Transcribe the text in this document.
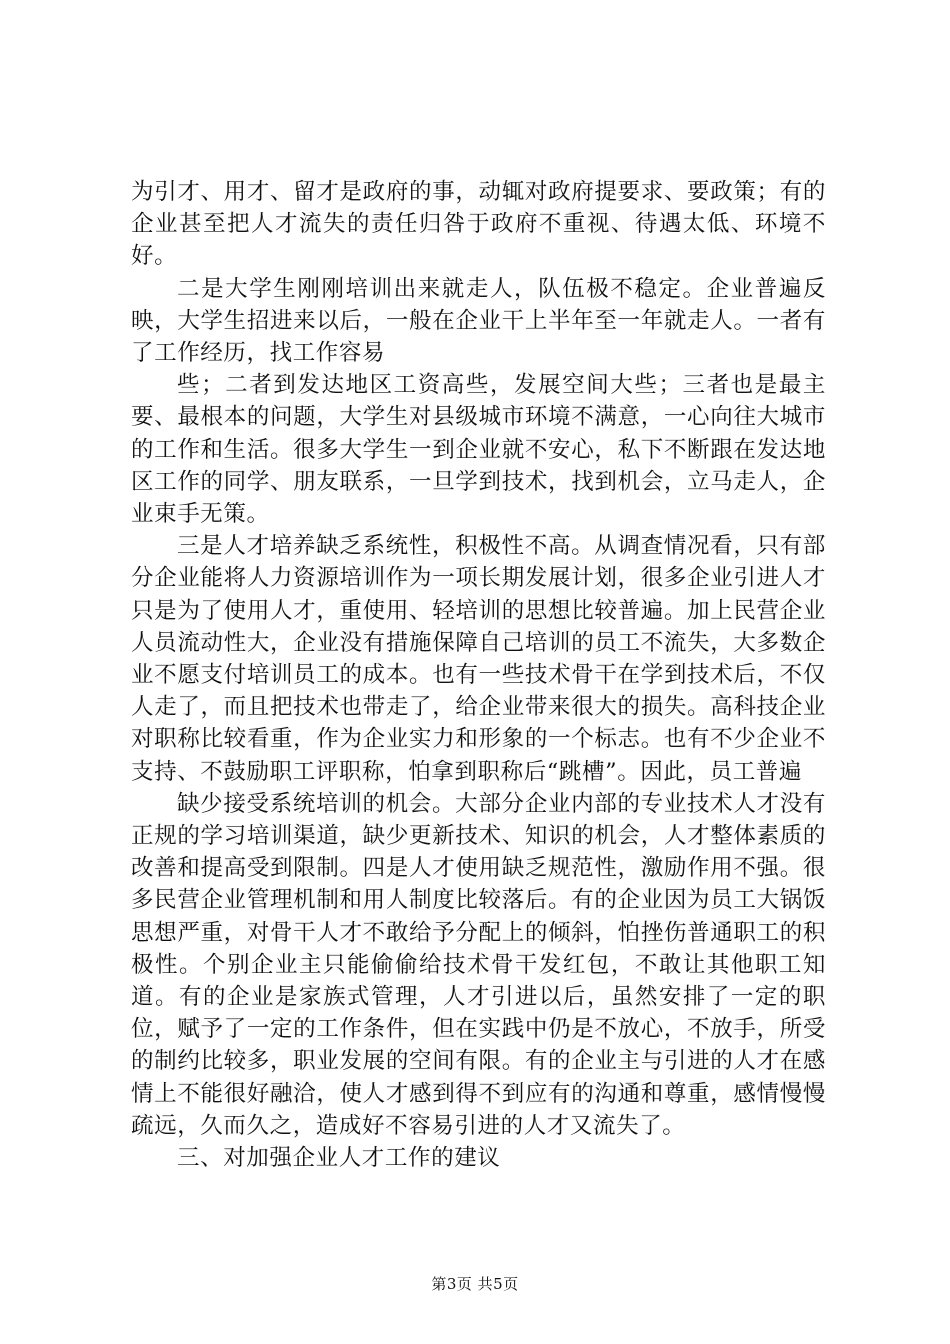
为引才、用才、留才是政府的事，动辄对政府提要求、要政策；有的企业甚至把人才流失的责任归咎于政府不重视、待遇太低、环境不好。

二是大学生刚刚培训出来就走人，队伍极不稳定。企业普遍反映，大学生招进来以后，一般在企业干上半年至一年就走人。一者有了工作经历，找工作容易

些；二者到发达地区工资高些，发展空间大些；三者也是最主要、最根本的问题，大学生对县级城市环境不满意，一心向往大城市的工作和生活。很多大学生一到企业就不安心，私下不断跟在发达地区工作的同学、朋友联系，一旦学到技术，找到机会，立马走人，企业束手无策。

三是人才培养缺乏系统性，积极性不高。从调查情况看，只有部分企业能将人力资源培训作为一项长期发展计划，很多企业引进人才只是为了使用人才，重使用、轻培训的思想比较普遍。加上民营企业人员流动性大，企业没有措施保障自己培训的员工不流失，大多数企业不愿支付培训员工的成本。也有一些技术骨干在学到技术后，不仅人走了，而且把技术也带走了，给企业带来很大的损失。高科技企业对职称比较看重，作为企业实力和形象的一个标志。也有不少企业不支持、不鼓励职工评职称，怕拿到职称后“跳槽”。因此，员工普遍

缺少接受系统培训的机会。大部分企业内部的专业技术人才没有正规的学习培训渠道，缺少更新技术、知识的机会，人才整体素质的改善和提高受到限制。四是人才使用缺乏规范性，激励作用不强。很多民营企业管理机制和用人制度比较落后。有的企业因为员工大锅饭思想严重，对骨干人才不敢给予分配上的倾斜，怕挫伤普通职工的积极性。个别企业主只能偷偷给技术骨干发红包，不敢让其他职工知道。有的企业是家族式管理，人才引进以后，虽然安排了一定的职位，赋予了一定的工作条件，但在实践中仍是不放心，不放手，所受的制约比较多，职业发展的空间有限。有的企业主与引进的人才在感情上不能很好融洽，使人才感到得不到应有的沟通和尊重，感情慢慢疏远，久而久之，造成好不容易引进的人才又流失了。

三、对加强企业人才工作的建议

第3页 共5页
